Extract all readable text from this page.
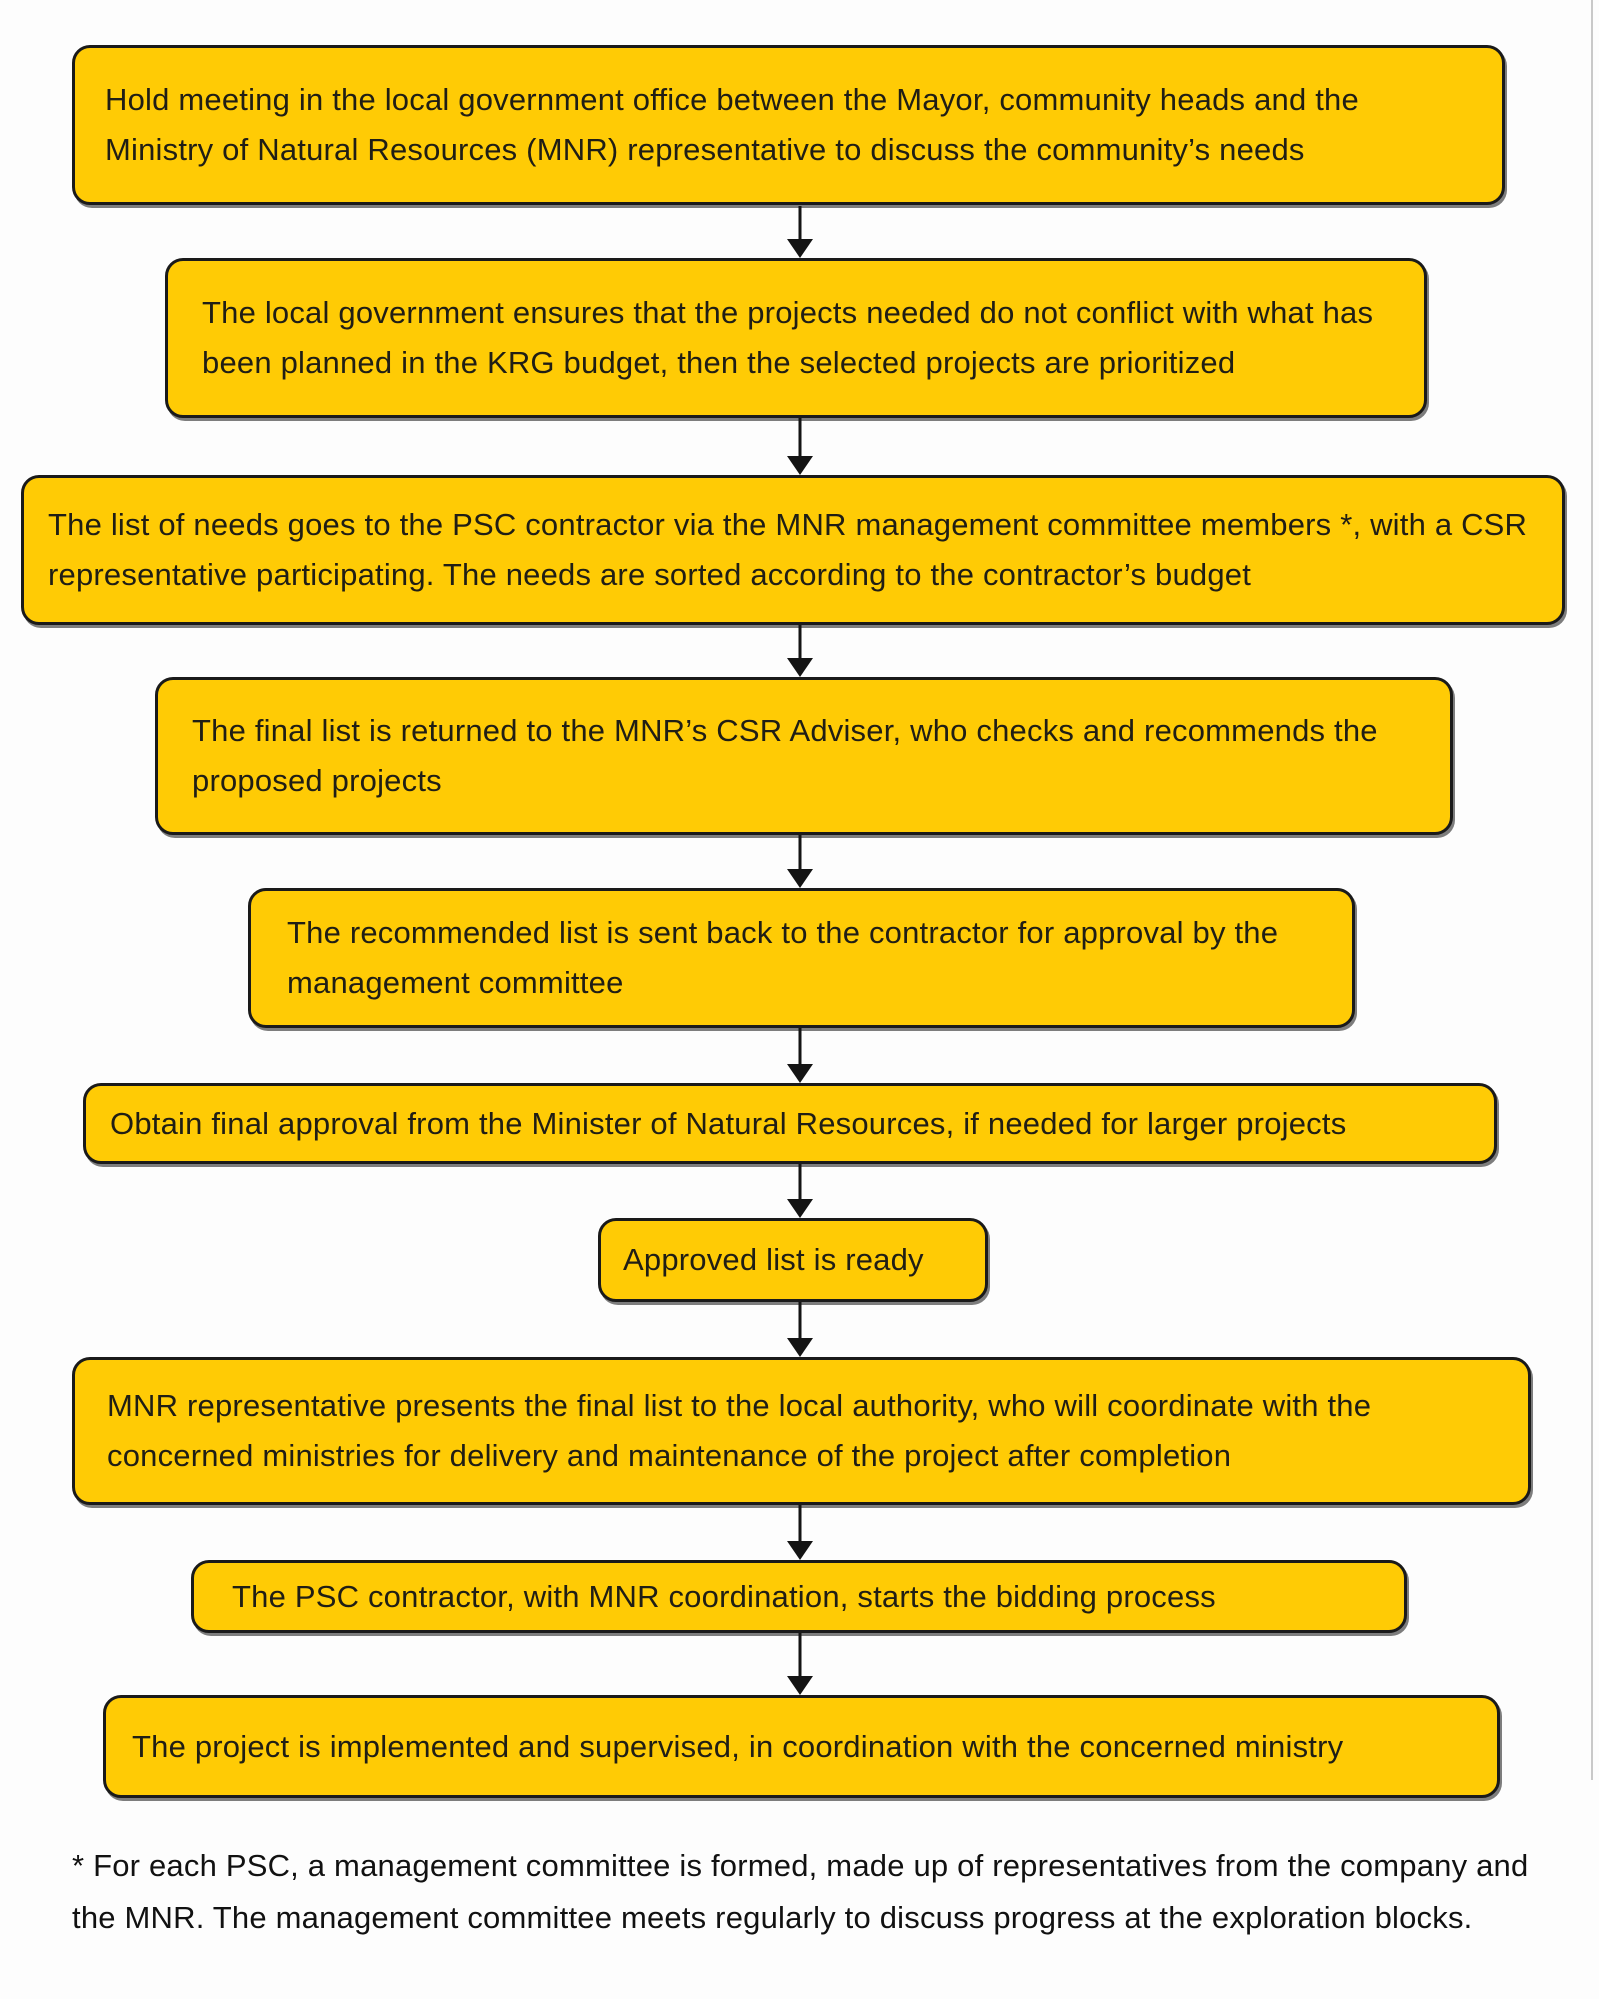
Hold meeting in the local government office between the Mayor, community heads and the Ministry of Natural Resources (MNR) representative to discuss the community’s needs

The local government ensures that the projects needed do not conflict with what has been planned in the KRG budget, then the selected projects are prioritized

The list of needs goes to the PSC contractor via the MNR management committee members *, with a CSR representative participating. The needs are sorted according to the contractor’s budget

The final list is returned to the MNR’s CSR Adviser, who checks and recommends the proposed projects

The recommended list is sent back to the contractor for approval by the management committee

Obtain final approval from the Minister of Natural Resources, if needed for larger projects

Approved list is ready

MNR representative presents the final list to the local authority, who will coordinate with the concerned ministries for delivery and maintenance of the project after completion

The PSC contractor, with MNR coordination, starts the bidding process

The project is implemented and supervised, in coordination with the concerned ministry

* For each PSC, a management committee is formed, made up of representatives from the company and the MNR. The management committee meets regularly to discuss progress at the exploration blocks.
